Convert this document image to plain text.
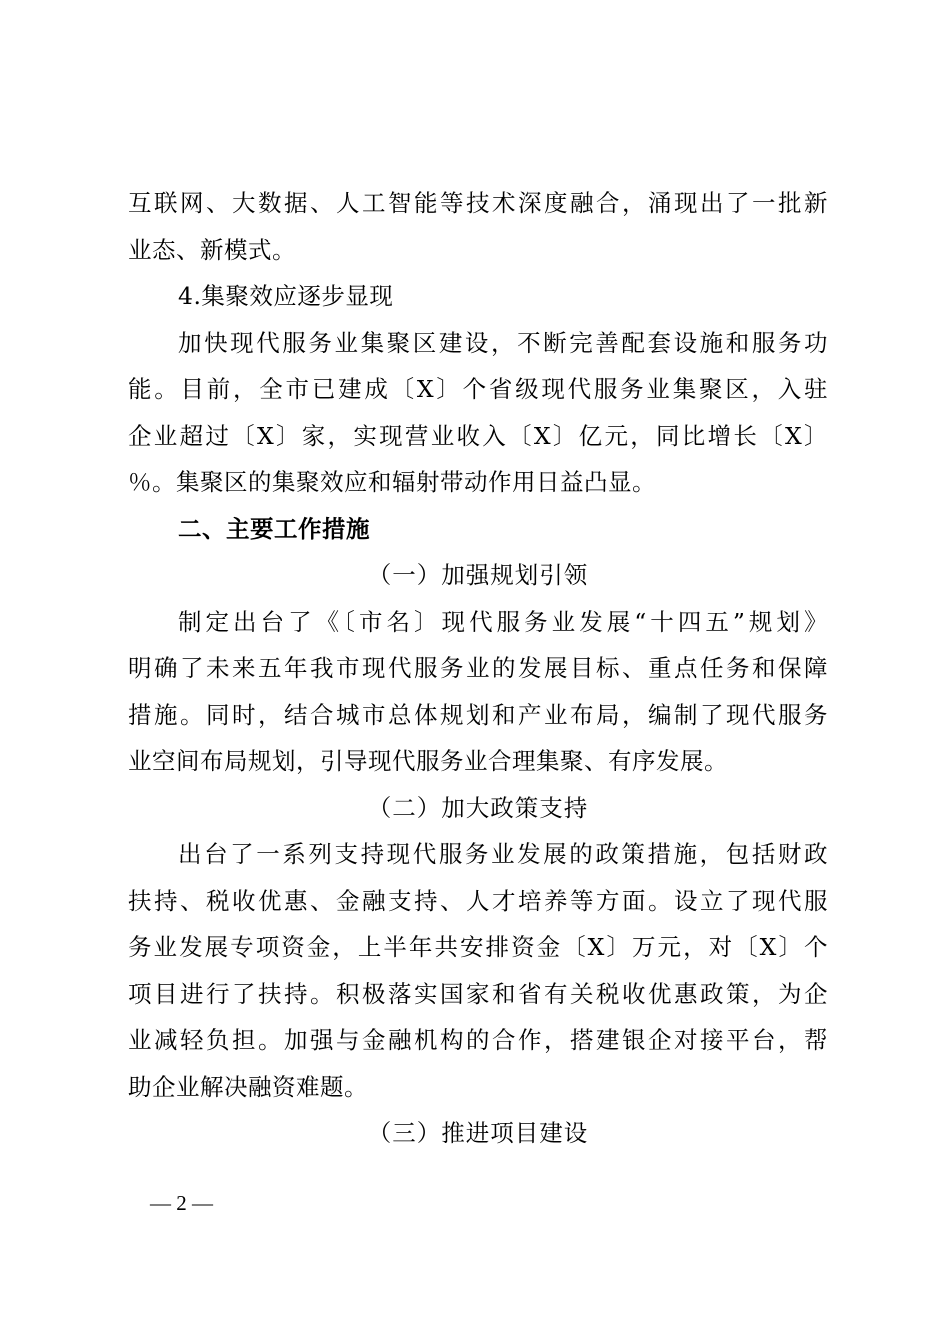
互联网、大数据、人工智能等技术深度融合，涌现出了一批新
业态、新模式。
4.集聚效应逐步显现
加快现代服务业集聚区建设，不断完善配套设施和服务功
能。目前，全市已建成〔X〕个省级现代服务业集聚区，入驻
企业超过〔X〕家，实现营业收入〔X〕亿元，同比增长〔X〕
％。集聚区的集聚效应和辐射带动作用日益凸显。
二、主要工作措施
（一）加强规划引领
制定出台了《〔市名〕现代服务业发展“十四五”规划》
明确了未来五年我市现代服务业的发展目标、重点任务和保障
措施。同时，结合城市总体规划和产业布局，编制了现代服务
业空间布局规划，引导现代服务业合理集聚、有序发展。
（二）加大政策支持
出台了一系列支持现代服务业发展的政策措施，包括财政
扶持、税收优惠、金融支持、人才培养等方面。设立了现代服
务业发展专项资金，上半年共安排资金〔X〕万元，对〔X〕个
项目进行了扶持。积极落实国家和省有关税收优惠政策，为企
业减轻负担。加强与金融机构的合作，搭建银企对接平台，帮
助企业解决融资难题。
（三）推进项目建设
— 2 —
